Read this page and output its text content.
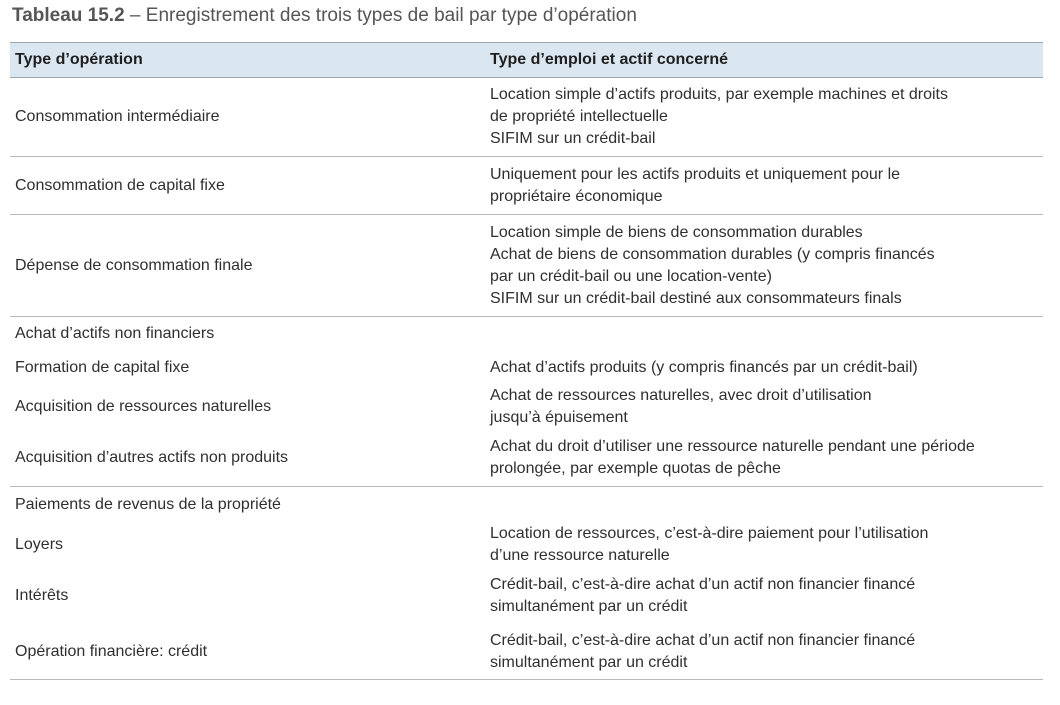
Tableau 15.2 – Enregistrement des trois types de bail par type d’opération
Type d’opération	Type d’emploi et actif concerné
Consommation intermédiaire
Location simple d’actifs produits, par exemple machines et droits
de propriété intellectuelle
SIFIM sur un crédit-bail
Consommation de capital fixe
Uniquement pour les actifs produits et uniquement pour le
propriétaire économique
Dépense de consommation finale
Location simple de biens de consommation durables
Achat de biens de consommation durables (y compris financés
par un crédit-bail ou une location-vente)
SIFIM sur un crédit-bail destiné aux consommateurs finals
Achat d’actifs non financiers
Formation de capital fixe	Achat d’actifs produits (y compris financés par un crédit-bail)
Acquisition de ressources naturelles
Achat de ressources naturelles, avec droit d’utilisation
jusqu’à épuisement
Acquisition d’autres actifs non produits
Achat du droit d’utiliser une ressource naturelle pendant une période
prolongée, par exemple quotas de pêche
Paiements de revenus de la propriété
Loyers
Location de ressources, c’est-à-dire paiement pour l’utilisation
d’une ressource naturelle
Intérêts
Crédit-bail, c’est-à-dire achat d’un actif non financier financé
simultanément par un crédit
Opération financière: crédit
Crédit-bail, c’est-à-dire achat d’un actif non financier financé
simultanément par un crédit
